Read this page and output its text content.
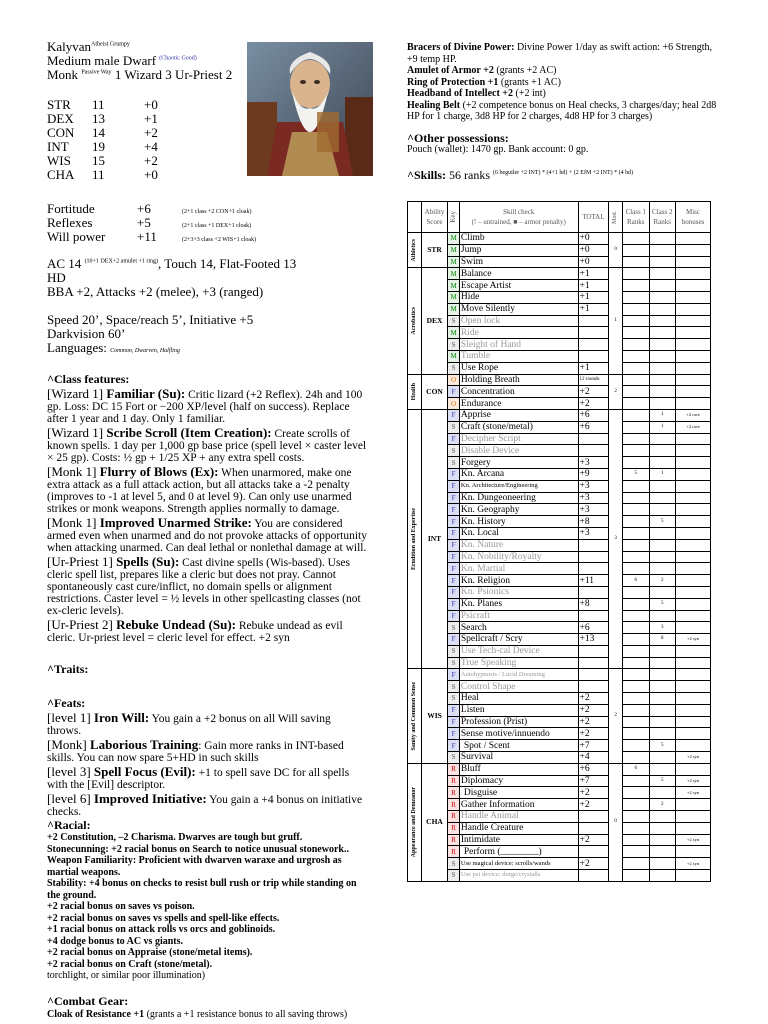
Kalyvan$^{Atheist Grumpy}$
Medium male Dwarf $^{(Chaotic Good)}$
Monk $^{Passive Way}$ 1 Wizard 3 Ur-Priest 2
STR	11	+0
DEX	13	+1
CON	14	+2
INT	19	+4
WIS	15	+2
CHA	11	+0
Fortitude	+6	(2+1 class +2 CON+1 cloak)
Reflexes	+5	(2+1 class +1 DEX+1 cloak)
Will power	+11	(2+3+3 class +2 WIS+1 cloak)
AC 14 $^{(10+1 DEX+2 amulet +1 ring)}$, Touch 14, Flat-Footed 13
HD
BBA +2, Attacks +2 (melee), +3 (ranged)
Speed 20’, Space/reach 5’, Initiative +5
Darkvision 60’
Languages: Common, Dwarven, Halfling
^Class features:
[Wizard 1] Familiar (Su): Critic lizard (+2 Reflex). 24h and 100 gp. Loss: DC 15 Fort or −200 XP/level (half on success). Replace after 1 year and 1 day. Only 1 familiar.
[Wizard 1] Scribe Scroll (Item Creation): Create scrolls of known spells. 1 day per 1,000 gp base price (spell level × caster level × 25 gp). Costs: ½ gp + 1/25 XP + any extra spell costs.
[Monk 1] Flurry of Blows (Ex): When unarmored, make one extra attack as a full attack action, but all attacks take a -2 penalty (improves to -1 at level 5, and 0 at level 9). Can only use unarmed strikes or monk weapons. Strength applies normally to damage.
[Monk 1] Improved Unarmed Strike: You are considered armed even when unarmed and do not provoke attacks of opportunity when attacking unarmed. Can deal lethal or nonlethal damage at will.
[Ur-Priest 1] Spells (Su): Cast divine spells (Wis-based). Uses cleric spell list, prepares like a cleric but does not pray. Cannot spontaneously cast cure/inflict, no domain spells or alignment restrictions. Caster level = ½ levels in other spellcasting classes (not ex-cleric levels).
[Ur-Priest 2] Rebuke Undead (Su): Rebuke undead as evil cleric. Ur-priest level = cleric level for effect. +2 syn
^Traits:
^Feats:
[level 1] Iron Will: You gain a +2 bonus on all Will saving throws.
[Monk] Laborious Training: Gain more ranks in INT-based skills. You can now spare 5+HD in such skills
[level 3] Spell Focus (Evil): +1 to spell save DC for all spells with the [Evil] descriptor.
[level 6] Improved Initiative: You gain a +4 bonus on initiative checks.
^Racial:
+2 Constitution, –2 Charisma. Dwarves are tough but gruff.
Stonecunning: +2 racial bonus on Search to notice unusual stonework..
Weapon Familiarity: Proficient with dwarven waraxe and urgrosh as martial weapons.
Stability: +4 bonus on checks to resist bull rush or trip while standing on the ground.
+2 racial bonus on saves vs poison.
+2 racial bonus on saves vs spells and spell-like effects.
+1 racial bonus on attack rolls vs orcs and goblinoids.
+4 dodge bonus to AC vs giants.
+2 racial bonus on Appraise (stone/metal items).
+2 racial bonus on Craft (stone/metal).
torchlight, or similar poor illumination)
^Combat Gear:
Cloak of Resistance +1 (grants a +1 resistance bonus to all saving throws)
Bracers of Divine Power: Divine Power 1/day as swift action: +6 Strength, +9 temp HP.
Amulet of Armor +2 (grants +2 AC)
Ring of Protection +1 (grants +1 AC)
Headband of Intellect +2 (+2 int)
Healing Belt (+2 competence bonus on Heal checks, 3 charges/day; heal 2d8 HP for 1 charge, 3d8 HP for 2 charges, 4d8 HP for 3 charges)
^Other possessions:
Pouch (wallet): 1470 gp. Bank account: 0 gp.
^Skills: 56 ranks $^{(6 beguiler +2 INT) * (4+1 hd) + (2 EfM +2 INT) * (4 hd)}$
	Ability Score	Key	Skill check
(! – untrained, ■ – armor penalty)	TOTAL	Mod.	Class 1 Ranks	Class 2 Ranks	Misc bonuses

Athletics	STR	M	Climb	+0	0			
		M	Jump	+0				
		M	Swim	+0				

Acrobatics	DEX	M	Balance	+1	1			
		M	Escape Artist	+1				
		M	Hide	+1				
		M	Move Silently	+1				
		S	Open lock					
		M	Ride					
		S	Sleight of Hand					
		M	Tumble					
		S	Use Rope	+1				

Health	CON	O	Holding Breath	12 rounds	2			
		F	Concentration	+2				
		O	Endurance	+2				

Erudition and Expertise	INT	F	Apprise	+6	3		1	+2 race
		S	Craft (stone/metal)	+6			1	+2 race
		F	Decipher Script					
		S	Disable Device					
		S	Forgery	+3				
		F	Kn. Arcana	+9		5	1	
		F	Kn. Architecture/Engineering	+3				
		F	Kn. Dungeoneering	+3				
		F	Kn. Geography	+3				
		F	Kn. History	+8			5	
		F	Kn. Local	+3				
		F	Kn. Nature					
		F	Kn. Nobility/Royalty					
		F	Kn. Martial					
		F	Kn. Religion	+11		6	2	
		F	Kn. Psionics					
		F	Kn. Planes	+8			5	
		F	Psicraft					
		S	Search	+6			3	
		F	Spellcraft / Scry	+13			8	+2 syn
		S	Use Tech-cal Device					
		S	True Speaking					

Sanity and Common Sense	WIS	F	Autohypnosis / Lucid Dreaming		2			
		S	Control Shape					
		S	Heal	+2				
		F	Listen	+2				
		F	Profession (Prist)	+2				
		F	Sense motive/innuendo	+2				
		F	Spot / Scent	+7			5	
		S	Survival	+4				+2 syn

Appearance and Demeanor	CHA	R	Bluff	+6	0	6		
		R	Diplomacy	+7			5	+2 syn
		R	Disguise	+2				+2 syn
		R	Gather Information	+2			2	
		R	Handle Animal					
		R	Handle Creature					
		R	Intimidate	+2				+2 syn
		R	Perform (________)					
		S	Use magical device: scrolls/wands	+2				+2 syn
		S	Use psi device: dorge/crystalls					
